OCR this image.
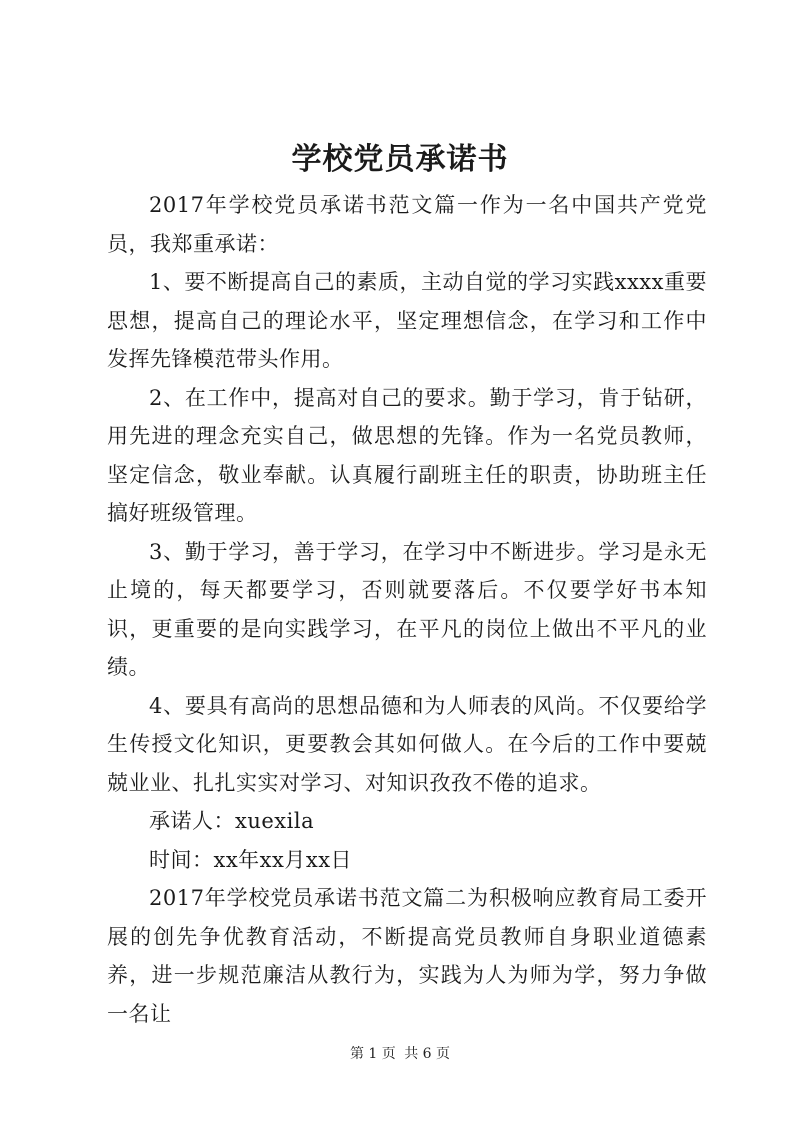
学校党员承诺书

2017年学校党员承诺书范文篇一作为一名中国共产党党员，我郑重承诺：

1、要不断提高自己的素质，主动自觉的学习实践xxxx重要思想，提高自己的理论水平，坚定理想信念，在学习和工作中发挥先锋模范带头作用。

2、在工作中，提高对自己的要求。勤于学习，肯于钻研，用先进的理念充实自己，做思想的先锋。作为一名党员教师，坚定信念，敬业奉献。认真履行副班主任的职责，协助班主任搞好班级管理。

3、勤于学习，善于学习，在学习中不断进步。学习是永无止境的，每天都要学习，否则就要落后。不仅要学好书本知识，更重要的是向实践学习，在平凡的岗位上做出不平凡的业绩。

4、要具有高尚的思想品德和为人师表的风尚。不仅要给学生传授文化知识，更要教会其如何做人。在今后的工作中要兢兢业业、扎扎实实对学习、对知识孜孜不倦的追求。

承诺人：xuexila

时间：xx年xx月xx日

2017年学校党员承诺书范文篇二为积极响应教育局工委开展的创先争优教育活动，不断提高党员教师自身职业道德素养，进一步规范廉洁从教行为，实践为人为师为学，努力争做一名让

第 1 页 共 6 页
